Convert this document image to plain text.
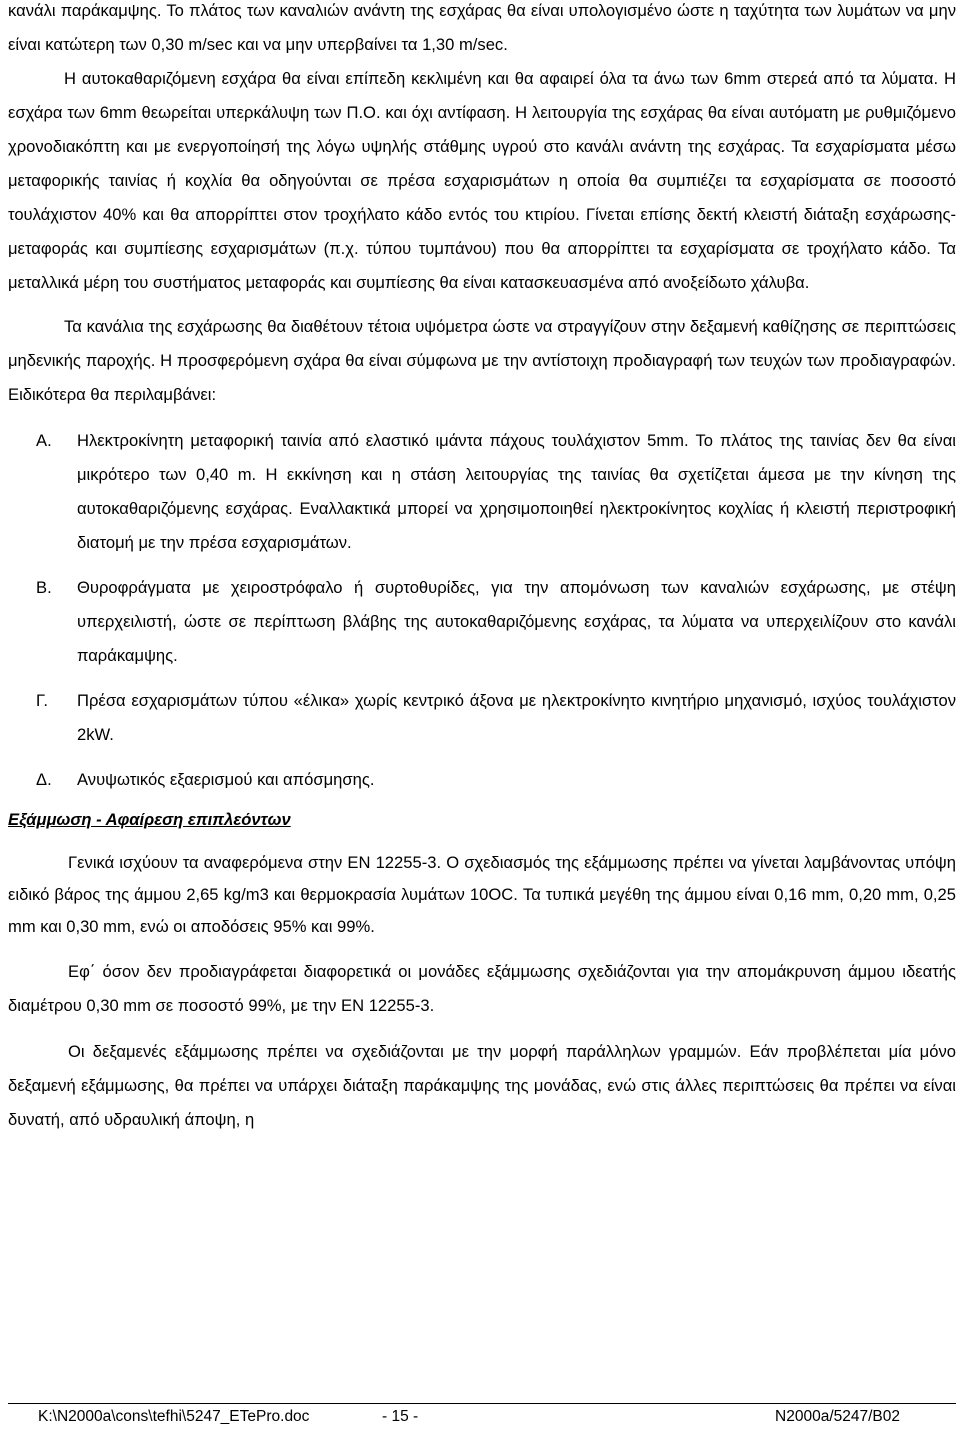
κανάλι παράκαμψης. Το πλάτος των καναλιών ανάντη της εσχάρας θα είναι υπολογισμένο ώστε η ταχύτητα των λυμάτων να μην είναι κατώτερη των 0,30 m/sec και να μην υπερβαίνει τα 1,30 m/sec.

Η αυτοκαθαριζόμενη εσχάρα θα είναι επίπεδη κεκλιμένη και θα αφαιρεί όλα τα άνω των 6mm στερεά από τα λύματα. Η εσχάρα των 6mm θεωρείται υπερκάλυψη των Π.Ο. και όχι αντίφαση. Η λειτουργία της εσχάρας θα είναι αυτόματη με ρυθμιζόμενο χρονοδιακόπτη και με ενεργοποίησή της λόγω υψηλής στάθμης υγρού στο κανάλι ανάντη της εσχάρας. Τα εσχαρίσματα μέσω μεταφορικής ταινίας ή κοχλία θα οδηγούνται σε πρέσα εσχαρισμάτων η οποία θα συμπιέζει τα εσχαρίσματα σε ποσοστό τουλάχιστον 40% και θα απορρίπτει στον τροχήλατο κάδο εντός του κτιρίου. Γίνεται επίσης δεκτή κλειστή διάταξη εσχάρωσης-μεταφοράς και συμπίεσης εσχαρισμάτων (π.χ. τύπου τυμπάνου) που θα απορρίπτει τα εσχαρίσματα σε τροχήλατο κάδο. Τα μεταλλικά μέρη του συστήματος μεταφοράς και συμπίεσης θα είναι κατασκευασμένα από ανοξείδωτο χάλυβα.

Τα κανάλια της εσχάρωσης θα διαθέτουν τέτοια υψόμετρα ώστε να στραγγίζουν στην δεξαμενή καθίζησης σε περιπτώσεις μηδενικής παροχής. Η προσφερόμενη σχάρα θα είναι σύμφωνα με την αντίστοιχη προδιαγραφή των τευχών των προδιαγραφών. Ειδικότερα θα περιλαμβάνει:

Α.	Ηλεκτροκίνητη μεταφορική ταινία από ελαστικό ιμάντα πάχους τουλάχιστον 5mm. Το πλάτος της ταινίας δεν θα είναι μικρότερο των 0,40 m. Η εκκίνηση και η στάση λειτουργίας της ταινίας θα σχετίζεται άμεσα με την κίνηση της αυτοκαθαριζόμενης εσχάρας. Εναλλακτικά μπορεί να χρησιμοποιηθεί ηλεκτροκίνητος κοχλίας ή κλειστή περιστροφική διατομή με την πρέσα εσχαρισμάτων.
Β.	Θυροφράγματα με χειροστρόφαλο ή συρτοθυρίδες, για την απομόνωση των καναλιών εσχάρωσης, με στέψη υπερχειλιστή, ώστε σε περίπτωση βλάβης της αυτοκαθαριζόμενης εσχάρας, τα λύματα να υπερχειλίζουν στο κανάλι παράκαμψης.
Γ.	Πρέσα εσχαρισμάτων τύπου «έλικα» χωρίς κεντρικό άξονα με ηλεκτροκίνητο κινητήριο μηχανισμό, ισχύος τουλάχιστον 2kW.
Δ.	Ανυψωτικός εξαερισμού και απόσμησης.
Εξάμμωση - Αφαίρεση επιπλεόντων

Γενικά ισχύουν τα αναφερόμενα στην ΕΝ 12255-3. Ο σχεδιασμός της εξάμμωσης πρέπει να γίνεται λαμβάνοντας υπόψη ειδικό βάρος της άμμου 2,65 kg/m3 και θερμοκρασία λυμάτων 10OC. Τα τυπικά μεγέθη της άμμου είναι 0,16 mm, 0,20 mm, 0,25 mm και 0,30 mm, ενώ οι αποδόσεις 95% και 99%.

Εφ΄ όσον δεν προδιαγράφεται διαφορετικά οι μονάδες εξάμμωσης σχεδιάζονται για την απομάκρυνση άμμου ιδεατής διαμέτρου 0,30 mm σε ποσοστό 99%, με την ΕΝ 12255-3.

Οι δεξαμενές εξάμμωσης πρέπει να σχεδιάζονται με την μορφή παράλληλων γραμμών. Εάν προβλέπεται μία μόνο δεξαμενή εξάμμωσης, θα πρέπει να υπάρχει διάταξη παράκαμψης της μονάδας, ενώ στις άλλες περιπτώσεις θα πρέπει να είναι δυνατή, από υδραυλική άποψη, η

K:\N2000a\cons\tefhi\5247_ETePro.doc	- 15 -	N2000a/5247/B02
